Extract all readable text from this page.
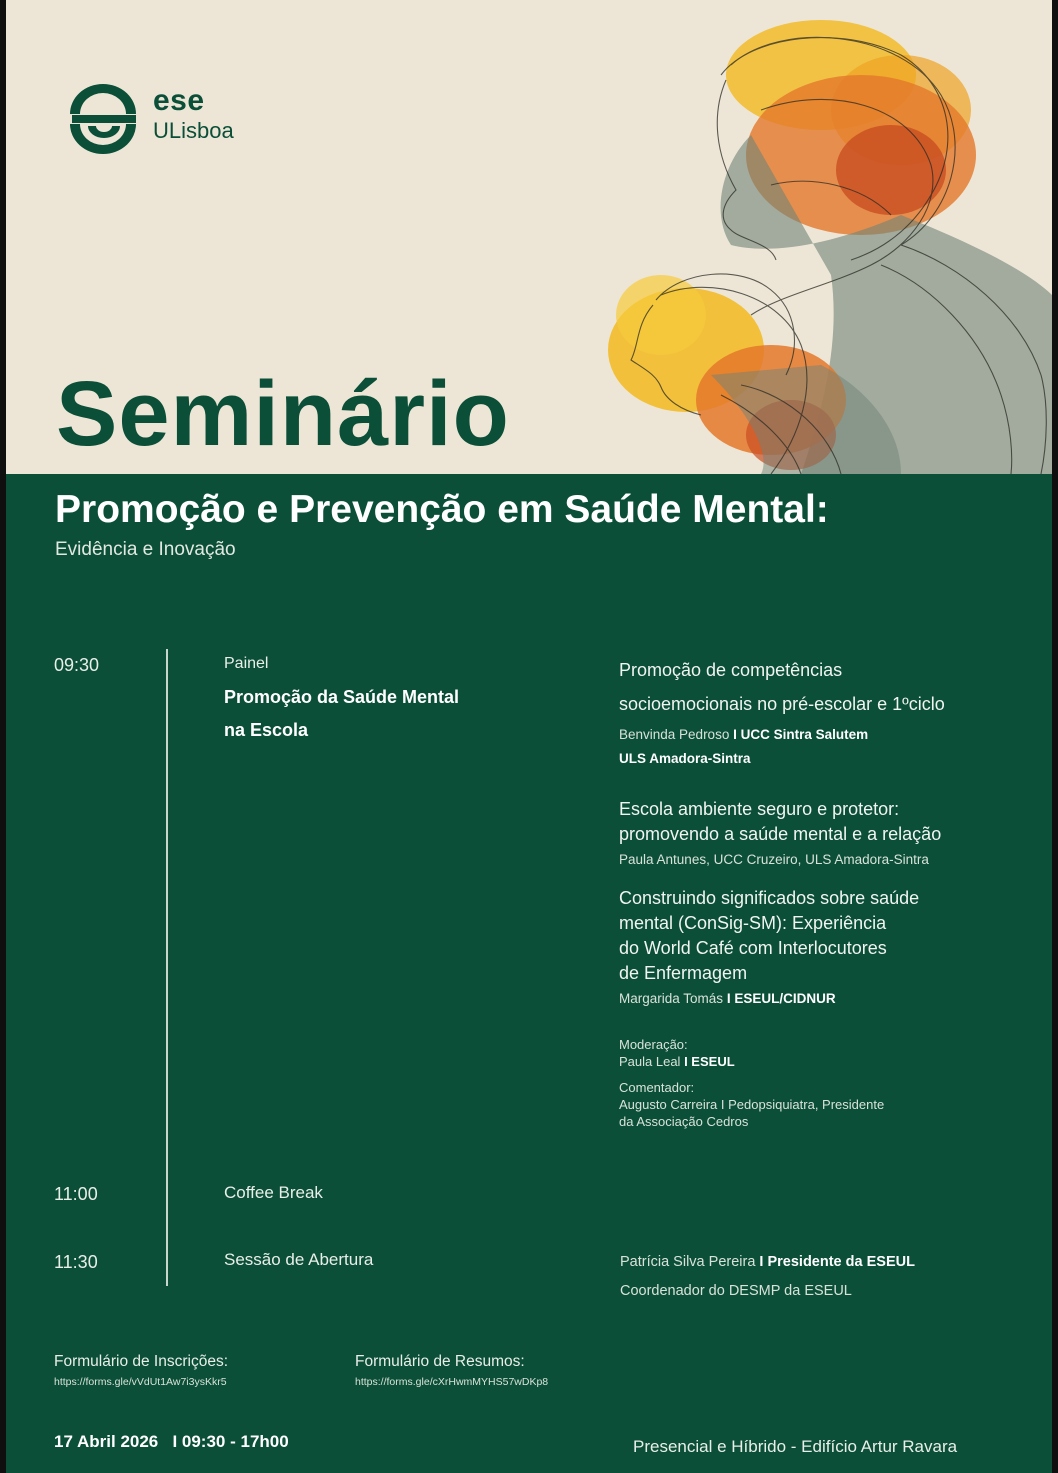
ese
ULisboa
Seminário
Promoção e Prevenção em Saúde Mental:
Evidência e Inovação
09:30	Painel
Promoção da Saúde Mental
na Escola
Promoção de competências
socioemocionais no pré-escolar e 1ºciclo
Benvinda Pedroso I UCC Sintra Salutem
ULS Amadora-Sintra
Escola ambiente seguro e protetor:
promovendo a saúde mental e a relação
Paula Antunes, UCC Cruzeiro, ULS Amadora-Sintra
Construindo significados sobre saúde
mental (ConSig-SM): Experiência
do World Café com Interlocutores
de Enfermagem
Margarida Tomás I ESEUL/CIDNUR
Moderação:
Paula Leal I ESEUL
Comentador:
Augusto Carreira I Pedopsiquiatra, Presidente
da Associação Cedros
11:00	Coffee Break
11:30	Sessão de Abertura	Patrícia Silva Pereira I Presidente da ESEUL
Coordenador do DESMP da ESEUL
Formulário de Inscrições:
https://forms.gle/vVdUt1Aw7i3ysKkr5
Formulário de Resumos:
https://forms.gle/cXrHwmMYHS57wDKp8
17 Abril 2026 I 09:30 - 17h00	Presencial e Híbrido - Edifício Artur Ravara
